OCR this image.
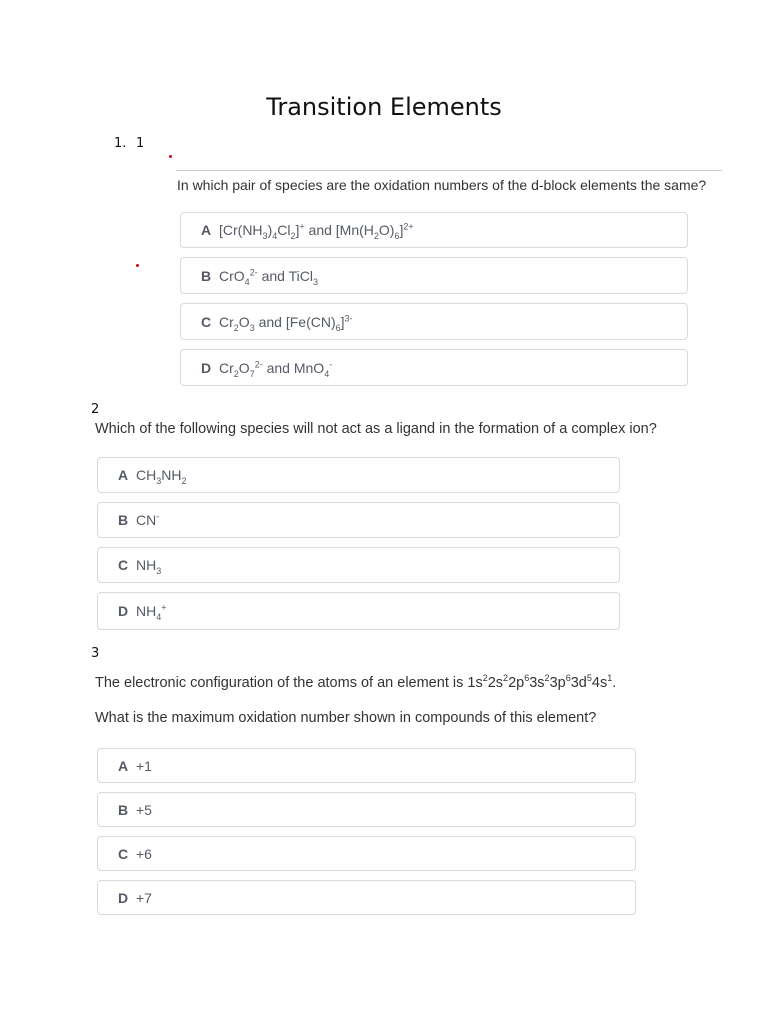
Transition Elements
1. 1
In which pair of species are the oxidation numbers of the d-block elements the same?
A $[Cr(NH_3)_4Cl_2]^+$ and $[Mn(H_2O)_6]^{2+}$
B CrO$_4^{2-}$ and TiCl$_3$
C $Cr_2O_3$ and $[Fe(CN)_6]^{3-}$
D $Cr_2O_7^{2-}$ and MnO$_4$-
2
Which of the following species will not act as a ligand in the formation of a complex ion?
A $CH_3NH_2$
B CN-
C $NH_3$
D $NH_4^+$
3
The electronic configuration of the atoms of an element is $1s^22s^22p^63s^23p^63d^54s^1$.
What is the maximum oxidation number shown in compounds of this element?
A +1
B +5
C +6
D +7
